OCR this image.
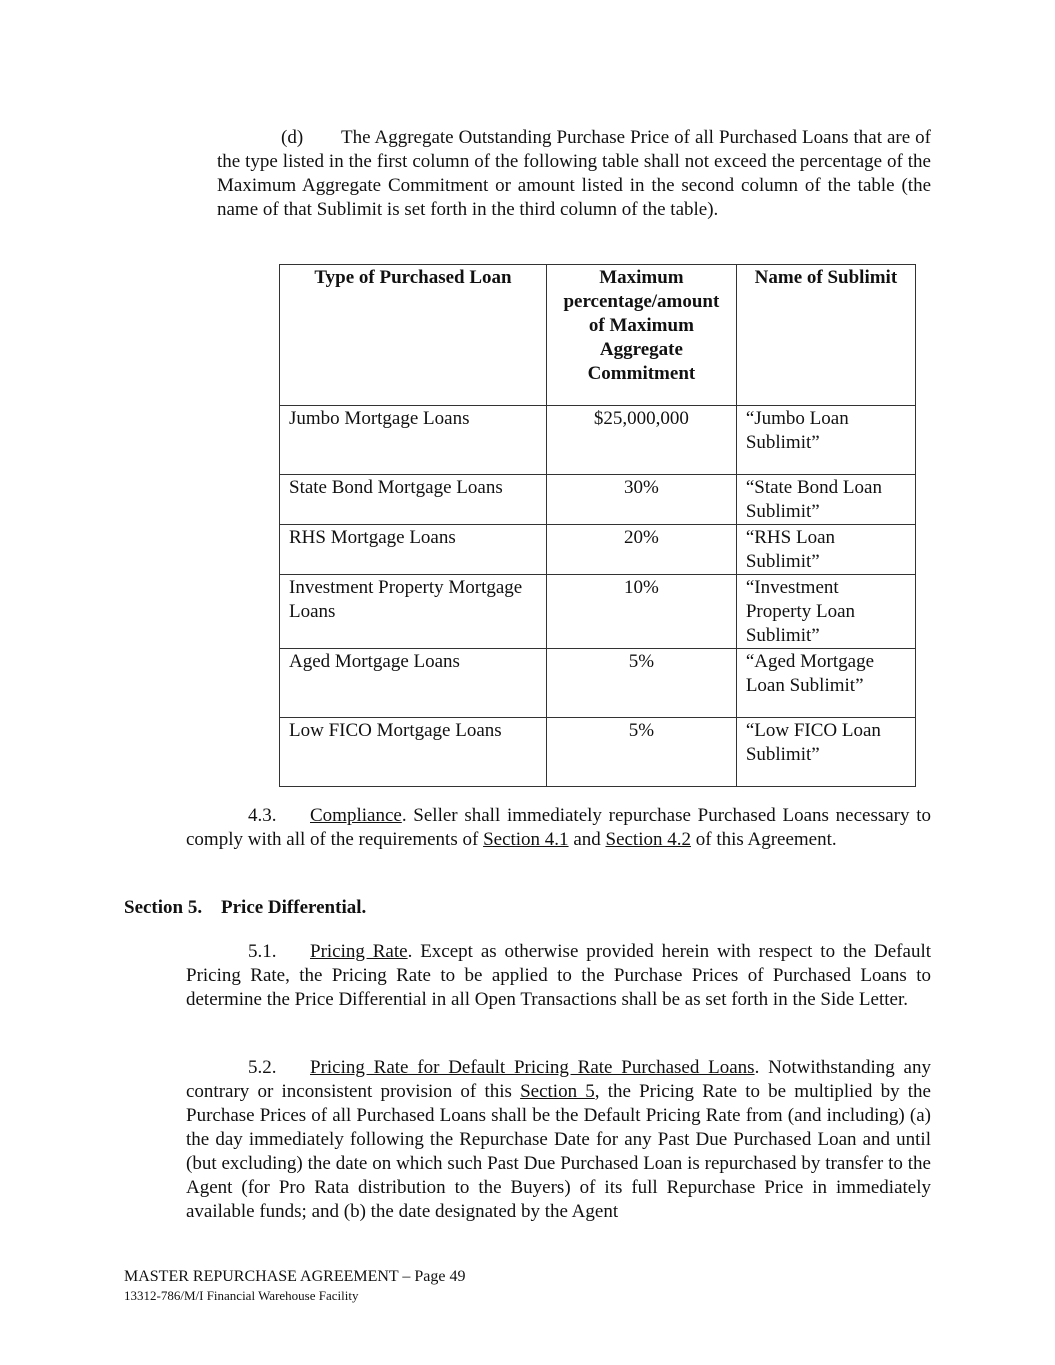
(d) The Aggregate Outstanding Purchase Price of all Purchased Loans that are of the type listed in the first column of the following table shall not exceed the percentage of the Maximum Aggregate Commitment or amount listed in the second column of the table (the name of that Sublimit is set forth in the third column of the table).

Type of Purchased Loan	Maximum percentage/amount of Maximum Aggregate Commitment	Name of Sublimit
Jumbo Mortgage Loans	$25,000,000	“Jumbo Loan Sublimit”
State Bond Mortgage Loans	30%	“State Bond Loan Sublimit”
RHS Mortgage Loans	20%	“RHS Loan Sublimit”
Investment Property Mortgage Loans	10%	“Investment Property Loan Sublimit”
Aged Mortgage Loans	5%	“Aged Mortgage Loan Sublimit”
Low FICO Mortgage Loans	5%	“Low FICO Loan Sublimit”

4.3. Compliance. Seller shall immediately repurchase Purchased Loans necessary to comply with all of the requirements of Section 4.1 and Section 4.2 of this Agreement.

Section 5. Price Differential.

5.1. Pricing Rate. Except as otherwise provided herein with respect to the Default Pricing Rate, the Pricing Rate to be applied to the Purchase Prices of Purchased Loans to determine the Price Differential in all Open Transactions shall be as set forth in the Side Letter.

5.2. Pricing Rate for Default Pricing Rate Purchased Loans. Notwithstanding any contrary or inconsistent provision of this Section 5, the Pricing Rate to be multiplied by the Purchase Prices of all Purchased Loans shall be the Default Pricing Rate from (and including) (a) the day immediately following the Repurchase Date for any Past Due Purchased Loan and until (but excluding) the date on which such Past Due Purchased Loan is repurchased by transfer to the Agent (for Pro Rata distribution to the Buyers) of its full Repurchase Price in immediately available funds; and (b) the date designated by the Agent

MASTER REPURCHASE AGREEMENT – Page 49
13312-786/M/I Financial Warehouse Facility
